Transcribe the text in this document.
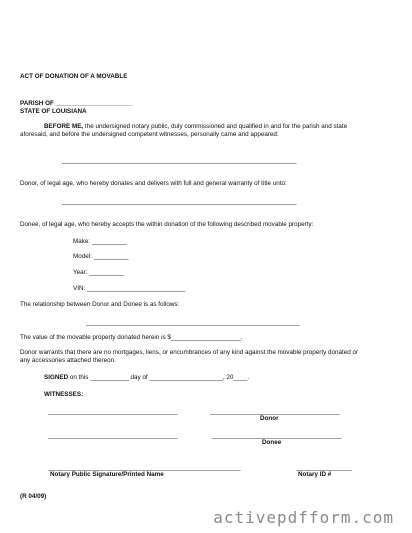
ACT OF DONATION OF A MOVABLE
PARISH OF ______________________
STATE OF LOUISIANA
BEFORE ME, the undersigned notary public, duly commissioned and qualified in and for the parish and state aforesaid, and before the undersigned competent witnesses, personally came and appeared:
___________________________________________________________________
Donor, of legal age, who hereby donates and delivers with full and general warranty of title unto:
___________________________________________________________________
Donee, of legal age, who hereby accepts the within donation of the following described movable property:
Make: __________
Model: __________
Year: __________
VIN: ____________________________
The relationship between Donor and Donee is as follows:
_____________________________________________________________
The value of the movable property donated herein is $____________________.
Donor warrants that there are no mortgages, liens, or encumbrances of any kind against the movable property donated or any accessories attached thereon.
SIGNED on this ___________ day of _____________________, 20____.
WITNESSES:
_____________________________________	_____________________________________
Donor
_____________________________________	_____________________________________
Donee
_______________________________________________________	________________
Notary Public Signature/Printed Name	Notary ID #
(R 04/09)
activepdfform.com
